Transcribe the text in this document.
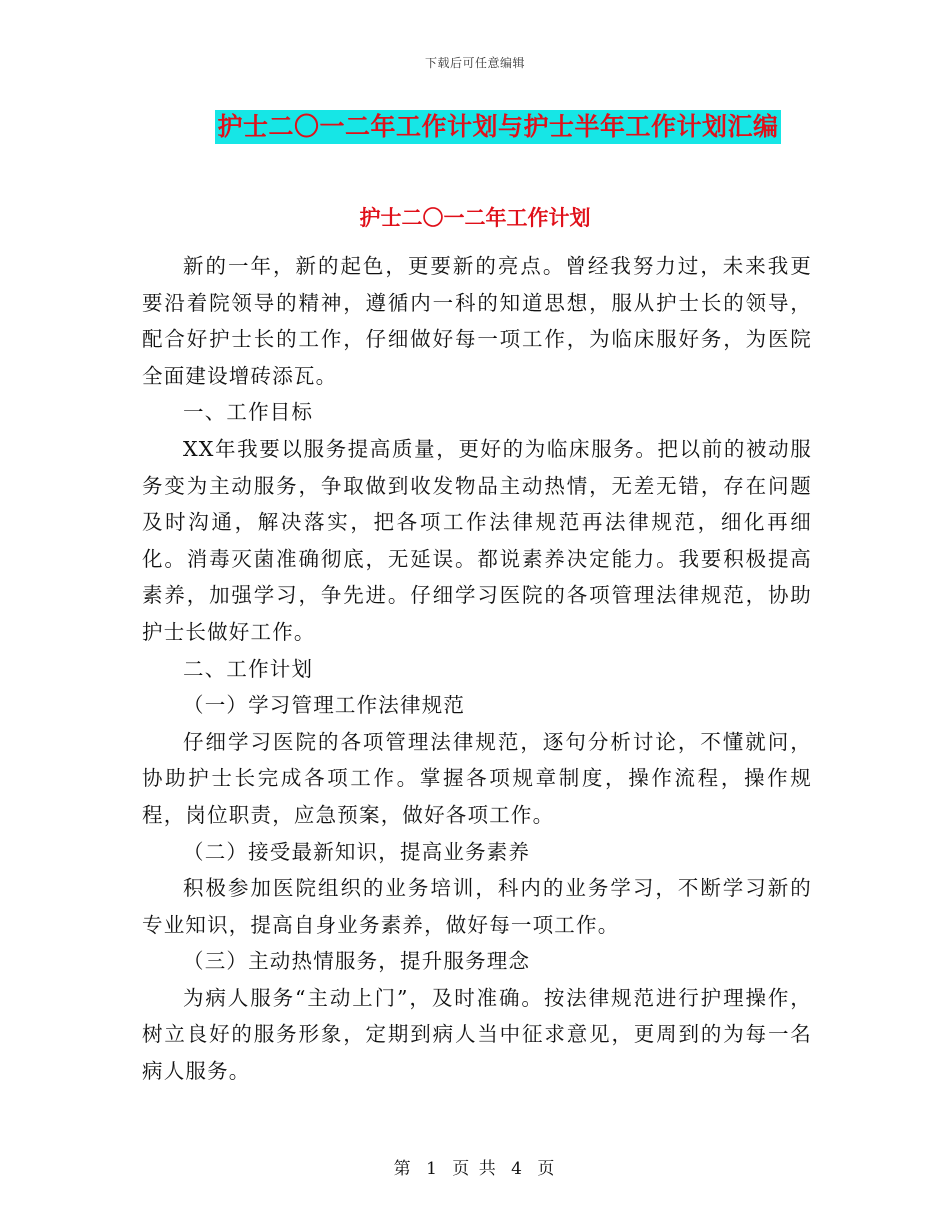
下载后可任意编辑
护士二〇一二年工作计划与护士半年工作计划汇编
护士二〇一二年工作计划

新的一年，新的起色，更要新的亮点。曾经我努力过，未来我更要沿着院领导的精神，遵循内一科的知道思想，服从护士长的领导，配合好护士长的工作，仔细做好每一项工作，为临床服好务，为医院全面建设增砖添瓦。

一、工作目标

XX年我要以服务提高质量，更好的为临床服务。把以前的被动服务变为主动服务，争取做到收发物品主动热情，无差无错，存在问题及时沟通，解决落实，把各项工作法律规范再法律规范，细化再细化。消毒灭菌准确彻底，无延误。都说素养决定能力。我要积极提高素养，加强学习，争先进。仔细学习医院的各项管理法律规范，协助护士长做好工作。

二、工作计划

（一）学习管理工作法律规范

仔细学习医院的各项管理法律规范，逐句分析讨论，不懂就问，协助护士长完成各项工作。掌握各项规章制度，操作流程，操作规程，岗位职责，应急预案，做好各项工作。

（二）接受最新知识，提高业务素养

积极参加医院组织的业务培训，科内的业务学习，不断学习新的专业知识，提高自身业务素养，做好每一项工作。

（三）主动热情服务，提升服务理念

为病人服务“主动上门”，及时准确。按法律规范进行护理操作，树立良好的服务形象，定期到病人当中征求意见，更周到的为每一名病人服务。

第 1 页 共 4 页
